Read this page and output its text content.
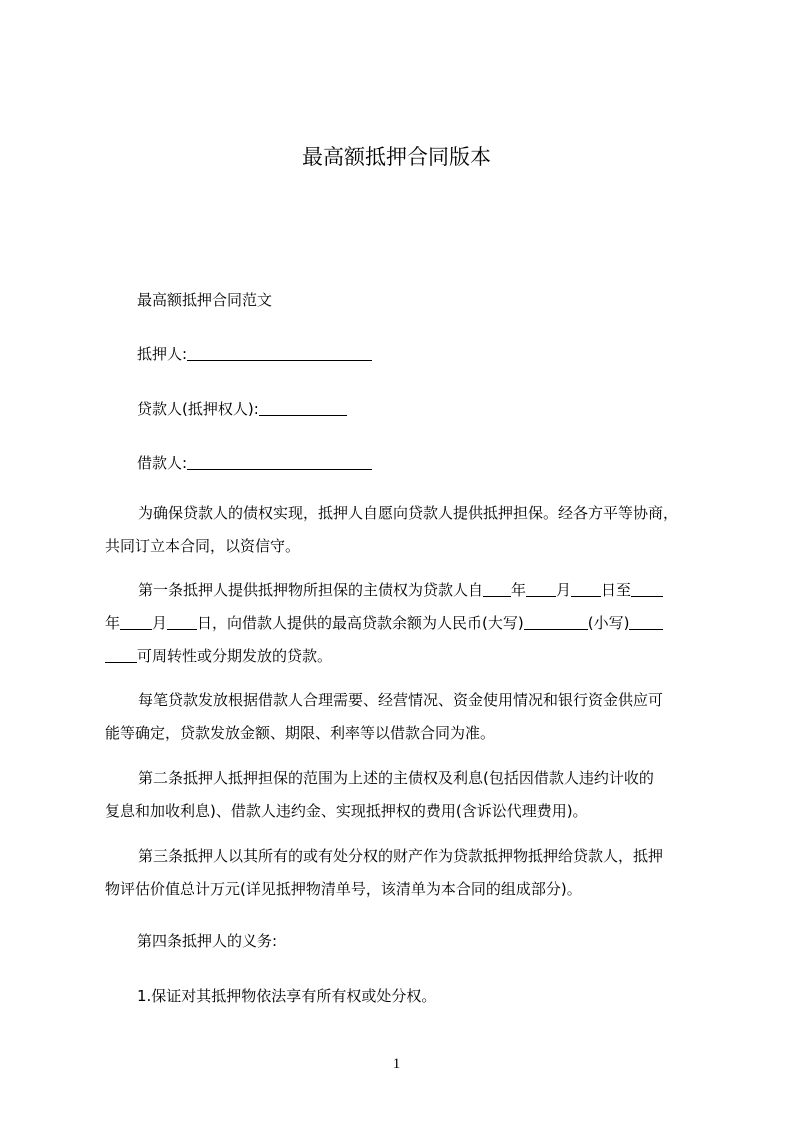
最高额抵押合同版本
最高额抵押合同范文
抵押人:
贷款人(抵押权人):
借款人:
为确保贷款人的债权实现，抵押人自愿向贷款人提供抵押担保。经各方平等协商，
共同订立本合同，以资信守。
第一条抵押人提供抵押物所担保的主债权为贷款人自 年 月 日至
年 月 日，向借款人提供的最高贷款余额为人民币(大写)	(小写)
可周转性或分期发放的贷款。
每笔贷款发放根据借款人合理需要、经营情况、资金使用情况和银行资金供应可
能等确定，贷款发放金额、期限、利率等以借款合同为准。
第二条抵押人抵押担保的范围为上述的主债权及利息(包括因借款人违约计收的
复息和加收利息)、借款人违约金、实现抵押权的费用(含诉讼代理费用)。
第三条抵押人以其所有的或有处分权的财产作为贷款抵押物抵押给贷款人，抵押
物评估价值总计万元(详见抵押物清单号，该清单为本合同的组成部分)。
第四条抵押人的义务:
1.保证对其抵押物依法享有所有权或处分权。
1
